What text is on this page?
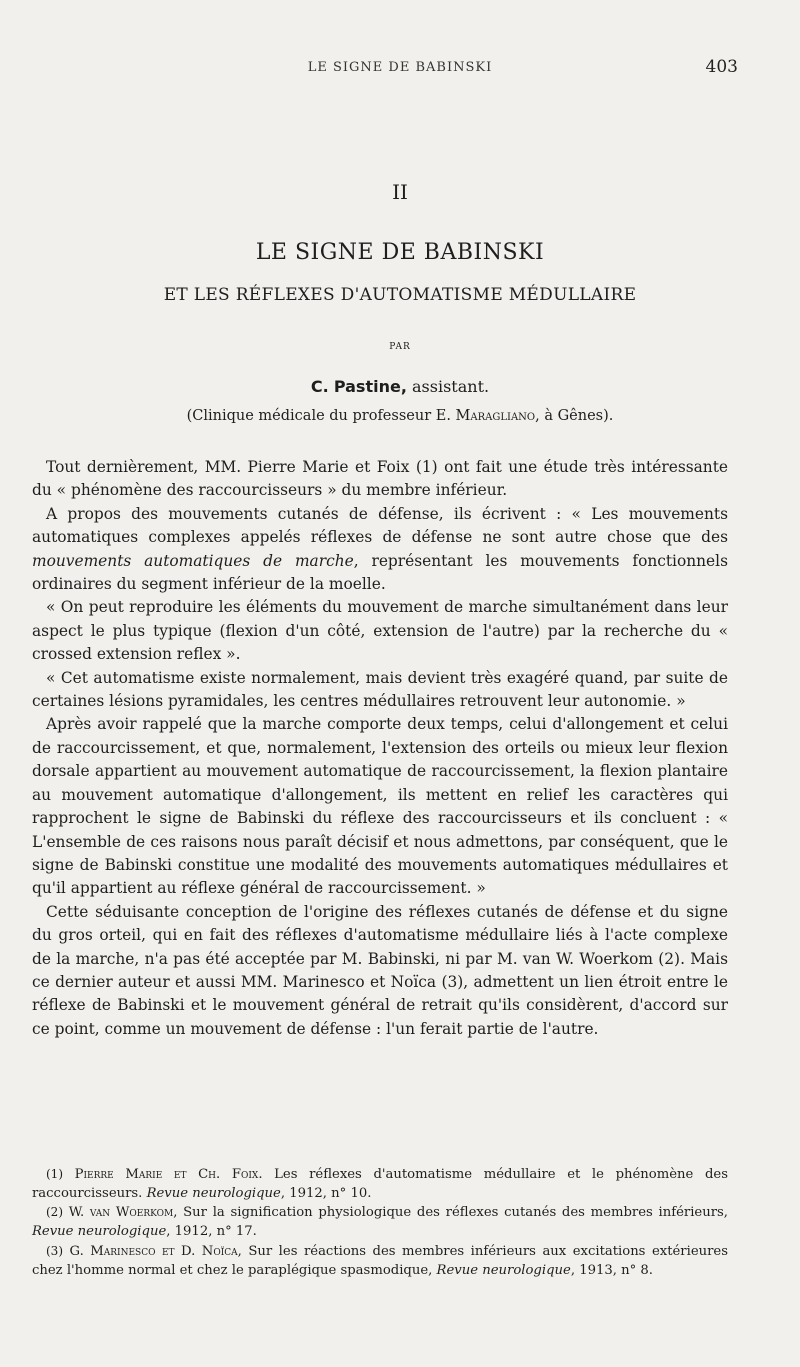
LE SIGNE DE BABINSKI	403
II
LE SIGNE DE BABINSKI
ET LES RÉFLEXES D'AUTOMATISME MÉDULLAIRE
PAR
C. Pastine, assistant.
(Clinique médicale du professeur E. Maragliano, à Gênes).

Tout dernièrement, MM. Pierre Marie et Foix (1) ont fait une étude très intéressante du « phénomène des raccourcisseurs » du membre inférieur.

A propos des mouvements cutanés de défense, ils écrivent : « Les mouvements automatiques complexes appelés réflexes de défense ne sont autre chose que des mouvements automatiques de marche, représentant les mouvements fonctionnels ordinaires du segment inférieur de la moelle.

« On peut reproduire les éléments du mouvement de marche simultanément dans leur aspect le plus typique (flexion d'un côté, extension de l'autre) par la recherche du « crossed extension reflex ».

« Cet automatisme existe normalement, mais devient très exagéré quand, par suite de certaines lésions pyramidales, les centres médullaires retrouvent leur autonomie. »

Après avoir rappelé que la marche comporte deux temps, celui d'allongement et celui de raccourcissement, et que, normalement, l'extension des orteils ou mieux leur flexion dorsale appartient au mouvement automatique de raccourcissement, la flexion plantaire au mouvement automatique d'allongement, ils mettent en relief les caractères qui rapprochent le signe de Babinski du réflexe des raccourcisseurs et ils concluent : « L'ensemble de ces raisons nous paraît décisif et nous admettons, par conséquent, que le signe de Babinski constitue une modalité des mouvements automatiques médullaires et qu'il appartient au réflexe général de raccourcissement. »

Cette séduisante conception de l'origine des réflexes cutanés de défense et du signe du gros orteil, qui en fait des réflexes d'automatisme médullaire liés à l'acte complexe de la marche, n'a pas été acceptée par M. Babinski, ni par M. van W. Woerkom (2). Mais ce dernier auteur et aussi MM. Marinesco et Noïca (3), admettent un lien étroit entre le réflexe de Babinski et le mouvement général de retrait qu'ils considèrent, d'accord sur ce point, comme un mouvement de défense : l'un ferait partie de l'autre.

(1) Pierre Marie et Ch. Foix. Les réflexes d'automatisme médullaire et le phénomène des raccourcisseurs. Revue neurologique, 1912, n° 10.

(2) W. van Woerkom, Sur la signification physiologique des réflexes cutanés des membres inférieurs, Revue neurologique, 1912, n° 17.

(3) G. Marinesco et D. Noïca, Sur les réactions des membres inférieurs aux excitations extérieures chez l'homme normal et chez le paraplégique spasmodique, Revue neurologique, 1913, n° 8.
